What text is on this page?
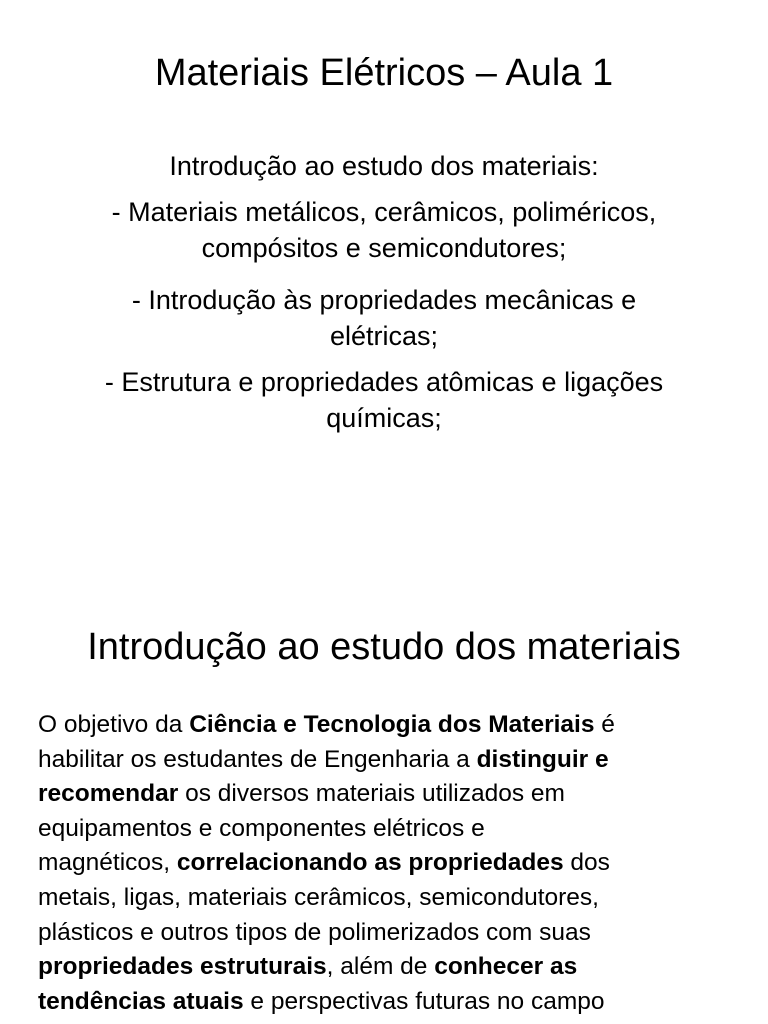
Materiais Elétricos – Aula 1

Introdução ao estudo dos materiais:

- Materiais metálicos, cerâmicos, poliméricos,
compósitos e semicondutores;

- Introdução às propriedades mecânicas e
elétricas;

- Estrutura e propriedades atômicas e ligações
químicas;

Introdução ao estudo dos materiais
O objetivo da Ciência e Tecnologia dos Materiais é
habilitar os estudantes de Engenharia a distinguir e
recomendar os diversos materiais utilizados em
equipamentos e componentes elétricos e
magnéticos, correlacionando as propriedades dos
metais, ligas, materiais cerâmicos, semicondutores,
plásticos e outros tipos de polimerizados com suas
propriedades estruturais, além de conhecer as
tendências atuais e perspectivas futuras no campo
